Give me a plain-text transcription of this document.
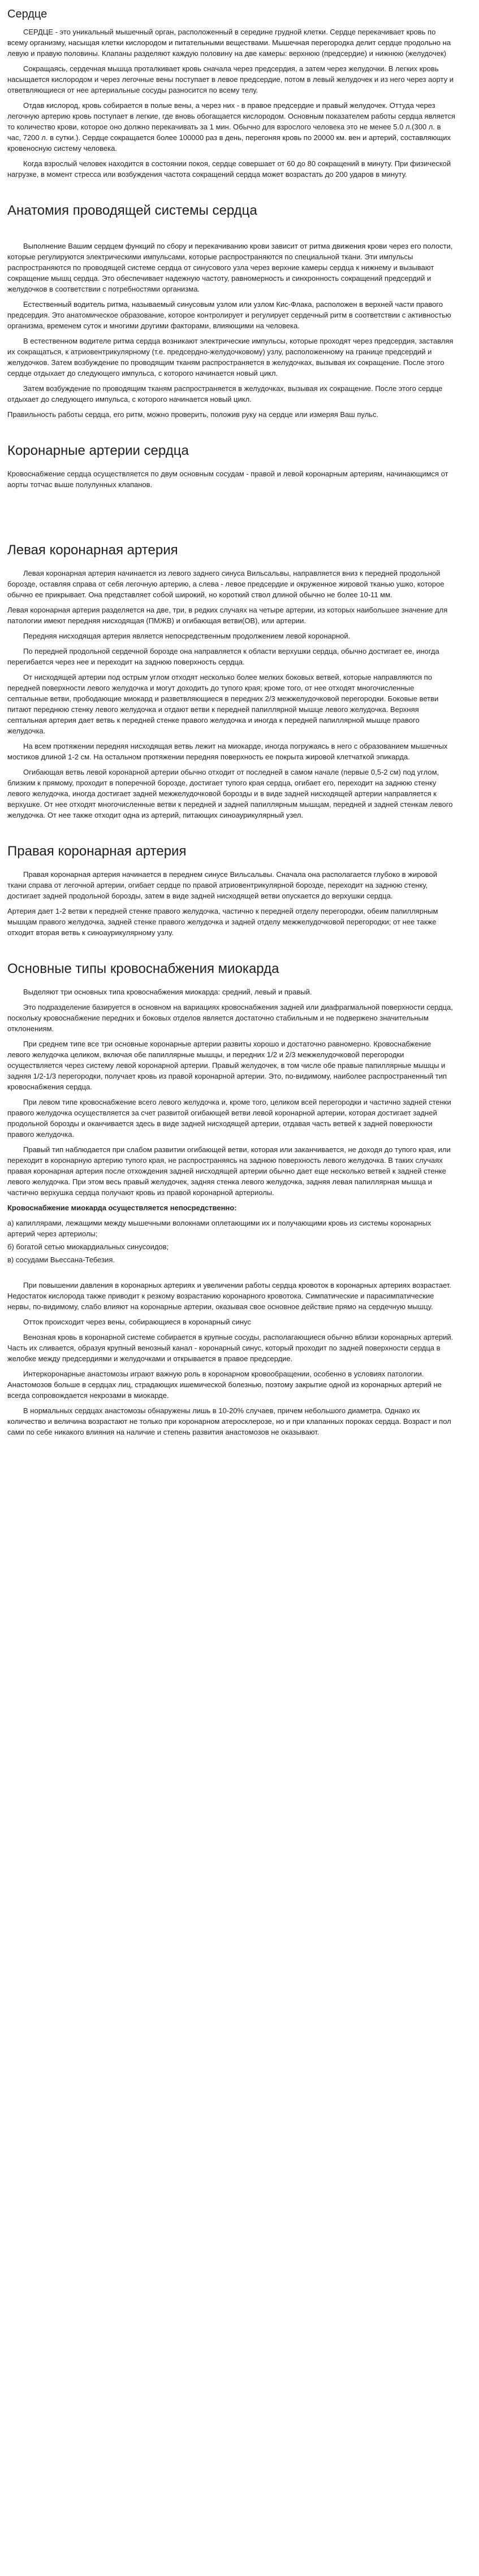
Сердце

СЕРДЦЕ - это уникальный мышечный орган, расположенный в середине грудной клетки. Сердце перекачивает кровь по всему организму, насыщая клетки кислородом и питательными веществами. Мышечная перегородка делит сердце продольно на левую и правую половины. Клапаны разделяют каждую половину на две камеры: верхнюю (предсердие) и нижнюю (желудочек)

Сокращаясь, сердечная мышца проталкивает кровь сначала через предсердия, а затем через желудочки. В легких кровь насыщается кислородом и через легочные вены поступает в левое предсердие, потом в левый желудочек и из него через аорту и ответвляющиеся от нее артериальные сосуды разносится по всему телу.

Отдав кислород, кровь собирается в полые вены, а через них - в правое предсердие и правый желудочек. Оттуда через легочную артерию кровь поступает в легкие, где вновь обогащается кислородом. Основным показателем работы сердца является то количество крови, которое оно должно перекачивать за 1 мин. Обычно для взрослого человека это не менее 5.0 л.(300 л. в час, 7200 л. в сутки.). Сердце сокращается более 100000 раз в день, перегоняя кровь по 20000 км. вен и артерий, составляющих кровеносную систему человека.

Когда взрослый человек находится в состоянии покоя, сердце совершает от 60 до 80 сокращений в минуту. При физической нагрузке, в момент стресса или возбуждения частота сокращений сердца может возрастать до 200 ударов в минуту.

Анатомия проводящей системы сердца

Выполнение Вашим сердцем функций по сбору и перекачиванию крови зависит от ритма движения крови через его полости, которые регулируются электрическими импульсами, которые распространяются по специальной ткани. Эти импульсы распространяются по проводящей системе сердца от синусового узла через верхние камеры сердца к нижнему и вызывают сокращение мышц сердца. Это обеспечивает надежную частоту, равномерность и синхронность сокращений предсердий и желудочков в соответствии с потребностями организма.

Естественный водитель ритма, называемый синусовым узлом или узлом Кис-Флака, расположен в верхней части правого предсердия. Это анатомическое образование, которое контролирует и регулирует сердечный ритм в соответствии с активностью организма, временем суток и многими другими факторами, влияющими на человека.

В естественном водителе ритма сердца возникают электрические импульсы, которые проходят через предсердия, заставляя их сокращаться, к атриовентрикулярному (т.е. предсердно-желудочковому) узлу, расположенному на границе предсердий и желудочков. Затем возбуждение по проводящим тканям распространяется в желудочках, вызывая их сокращение. После этого сердце отдыхает до следующего импульса, с которого начинается новый цикл.

Затем возбуждение по проводящим тканям распространяется в желудочках, вызывая их сокращение. После этого сердце отдыхает до следующего импульса, с которого начинается новый цикл.

Правильность работы сердца, его ритм, можно проверить, положив руку на сердце или измеряя Ваш пульс.

Коронарные артерии сердца

Кровоснабжение сердца осуществляется по двум основным сосудам - правой и левой коронарным артериям, начинающимся от аорты тотчас выше полулунных клапанов.

Левая коронарная артерия

Левая коронарная артерия начинается из левого заднего синуса Вильсальвы, направляется вниз к передней продольной борозде, оставляя справа от себя легочную артерию, а слева - левое предсердие и окруженное жировой тканью ушко, которое обычно ее прикрывает. Она представляет собой широкий, но короткий ствол длиной обычно не более 10-11 мм.

Левая коронарная артерия разделяется на две, три, в редких случаях на четыре артерии, из которых наибольшее значение для патологии имеют передняя нисходящая (ПМЖВ) и огибающая ветви(ОВ), или артерии.

Передняя нисходящая артерия является непосредственным продолжением левой коронарной.

По передней продольной сердечной борозде она направляется к области верхушки сердца, обычно достигает ее, иногда перегибается через нее и переходит на заднюю поверхность сердца.

От нисходящей артерии под острым углом отходят несколько более мелких боковых ветвей, которые направляются по передней поверхности левого желудочка и могут доходить до тупого края; кроме того, от нее отходят многочисленные септальные ветви, прободающие миокард и разветвляющиеся в передних 2/3 межжелудочковой перегородки. Боковые ветви питают переднюю стенку левого желудочка и отдают ветви к передней папиллярной мышце левого желудочка. Верхняя септальная артерия дает ветвь к передней стенке правого желудочка и иногда к передней папиллярной мышце правого желудочка.

На всем протяжении передняя нисходящая ветвь лежит на миокарде, иногда погружаясь в него с образованием мышечных мостиков длиной 1-2 см. На остальном протяжении передняя поверхность ее покрыта жировой клетчаткой эпикарда.

Огибающая ветвь левой коронарной артерии обычно отходит от последней в самом начале (первые 0,5-2 см) под углом, близким к прямому, проходит в поперечной борозде, достигает тупого края сердца, огибает его, переходит на заднюю стенку левого желудочка, иногда достигает задней межжелудочковой борозды и в виде задней нисходящей артерии направляется к верхушке. От нее отходят многочисленные ветви к передней и задней папиллярным мышцам, передней и задней стенкам левого желудочка. От нее также отходит одна из артерий, питающих синоаурикулярный узел.

Правая коронарная артерия

Правая коронарная артерия начинается в переднем синусе Вильсальвы. Сначала она располагается глубоко в жировой ткани справа от легочной артерии, огибает сердце по правой атриовентрикулярной борозде, переходит на заднюю стенку, достигает задней продольной борозды, затем в виде задней нисходящей ветви опускается до верхушки сердца.

Артерия дает 1-2 ветви к передней стенке правого желудочка, частично к передней отделу перегородки, обеим папиллярным мышцам правого желудочка, задней стенке правого желудочка и задней отделу межжелудочковой перегородки; от нее также отходит вторая ветвь к синоаурикулярному узлу.

Основные типы кровоснабжения миокарда

Выделяют три основных типа кровоснабжения миокарда: средний, левый и правый.

Это подразделение базируется в основном на вариациях кровоснабжения задней или диафрагмальной поверхности сердца, поскольку кровоснабжение передних и боковых отделов является достаточно стабильным и не подвержено значительным отклонениям.

При среднем типе все три основные коронарные артерии развиты хорошо и достаточно равномерно. Кровоснабжение левого желудочка целиком, включая обе папиллярные мышцы, и передних 1/2 и 2/3 межжелудочковой перегородки осуществляется через систему левой коронарной артерии. Правый желудочек, в том числе обе правые папиллярные мышцы и задняя 1/2-1/3 перегородки, получает кровь из правой коронарной артерии. Это, по-видимому, наиболее распространенный тип кровоснабжения сердца.

При левом типе кровоснабжение всего левого желудочка и, кроме того, целиком всей перегородки и частично задней стенки правого желудочка осуществляется за счет развитой огибающей ветви левой коронарной артерии, которая достигает задней продольной борозды и оканчивается здесь в виде задней нисходящей артерии, отдавая часть ветвей к задней поверхности правого желудочка.

Правый тип наблюдается при слабом развитии огибающей ветви, которая или заканчивается, не доходя до тупого края, или переходит в коронарную артерию тупого края, не распространяясь на заднюю поверхность левого желудочка. В таких случаях правая коронарная артерия после отхождения задней нисходящей артерии обычно дает еще несколько ветвей к задней стенке левого желудочка. При этом весь правый желудочек, задняя стенка левого желудочка, задняя левая папиллярная мышца и частично верхушка сердца получают кровь из правой коронарной артериолы.

Кровоснабжение миокарда осуществляется непосредственно:

а) капиллярами, лежащими между мышечными волокнами оплетающими их и получающими кровь из системы коронарных артерий через артериолы;

б) богатой сетью миокардиальных синусоидов;

в) сосудами Вьессана-Тебезия.

При повышении давления в коронарных артериях и увеличении работы сердца кровоток в коронарных артериях возрастает. Недостаток кислорода также приводит к резкому возрастанию коронарного кровотока. Симпатические и парасимпатические нервы, по-видимому, слабо влияют на коронарные артерии, оказывая свое основное действие прямо на сердечную мышцу.

Отток происходит через вены, собирающиеся в коронарный синус

Венозная кровь в коронарной системе собирается в крупные сосуды, располагающиеся обычно вблизи коронарных артерий. Часть их сливается, образуя крупный венозный канал - коронарный синус, который проходит по задней поверхности сердца в желобке между предсердиями и желудочками и открывается в правое предсердие.

Интеркоронарные анастомозы играют важную роль в коронарном кровообращении, особенно в условиях патологии. Анастомозов больше в сердцах лиц, страдающих ишемической болезнью, поэтому закрытие одной из коронарных артерий не всегда сопровождается некрозами в миокарде.

В нормальных сердцах анастомозы обнаружены лишь в 10-20% случаев, причем небольшого диаметра. Однако их количество и величина возрастают не только при коронарном атеросклерозе, но и при клапанных пороках сердца. Возраст и пол сами по себе никакого влияния на наличие и степень развития анастомозов не оказывают.
